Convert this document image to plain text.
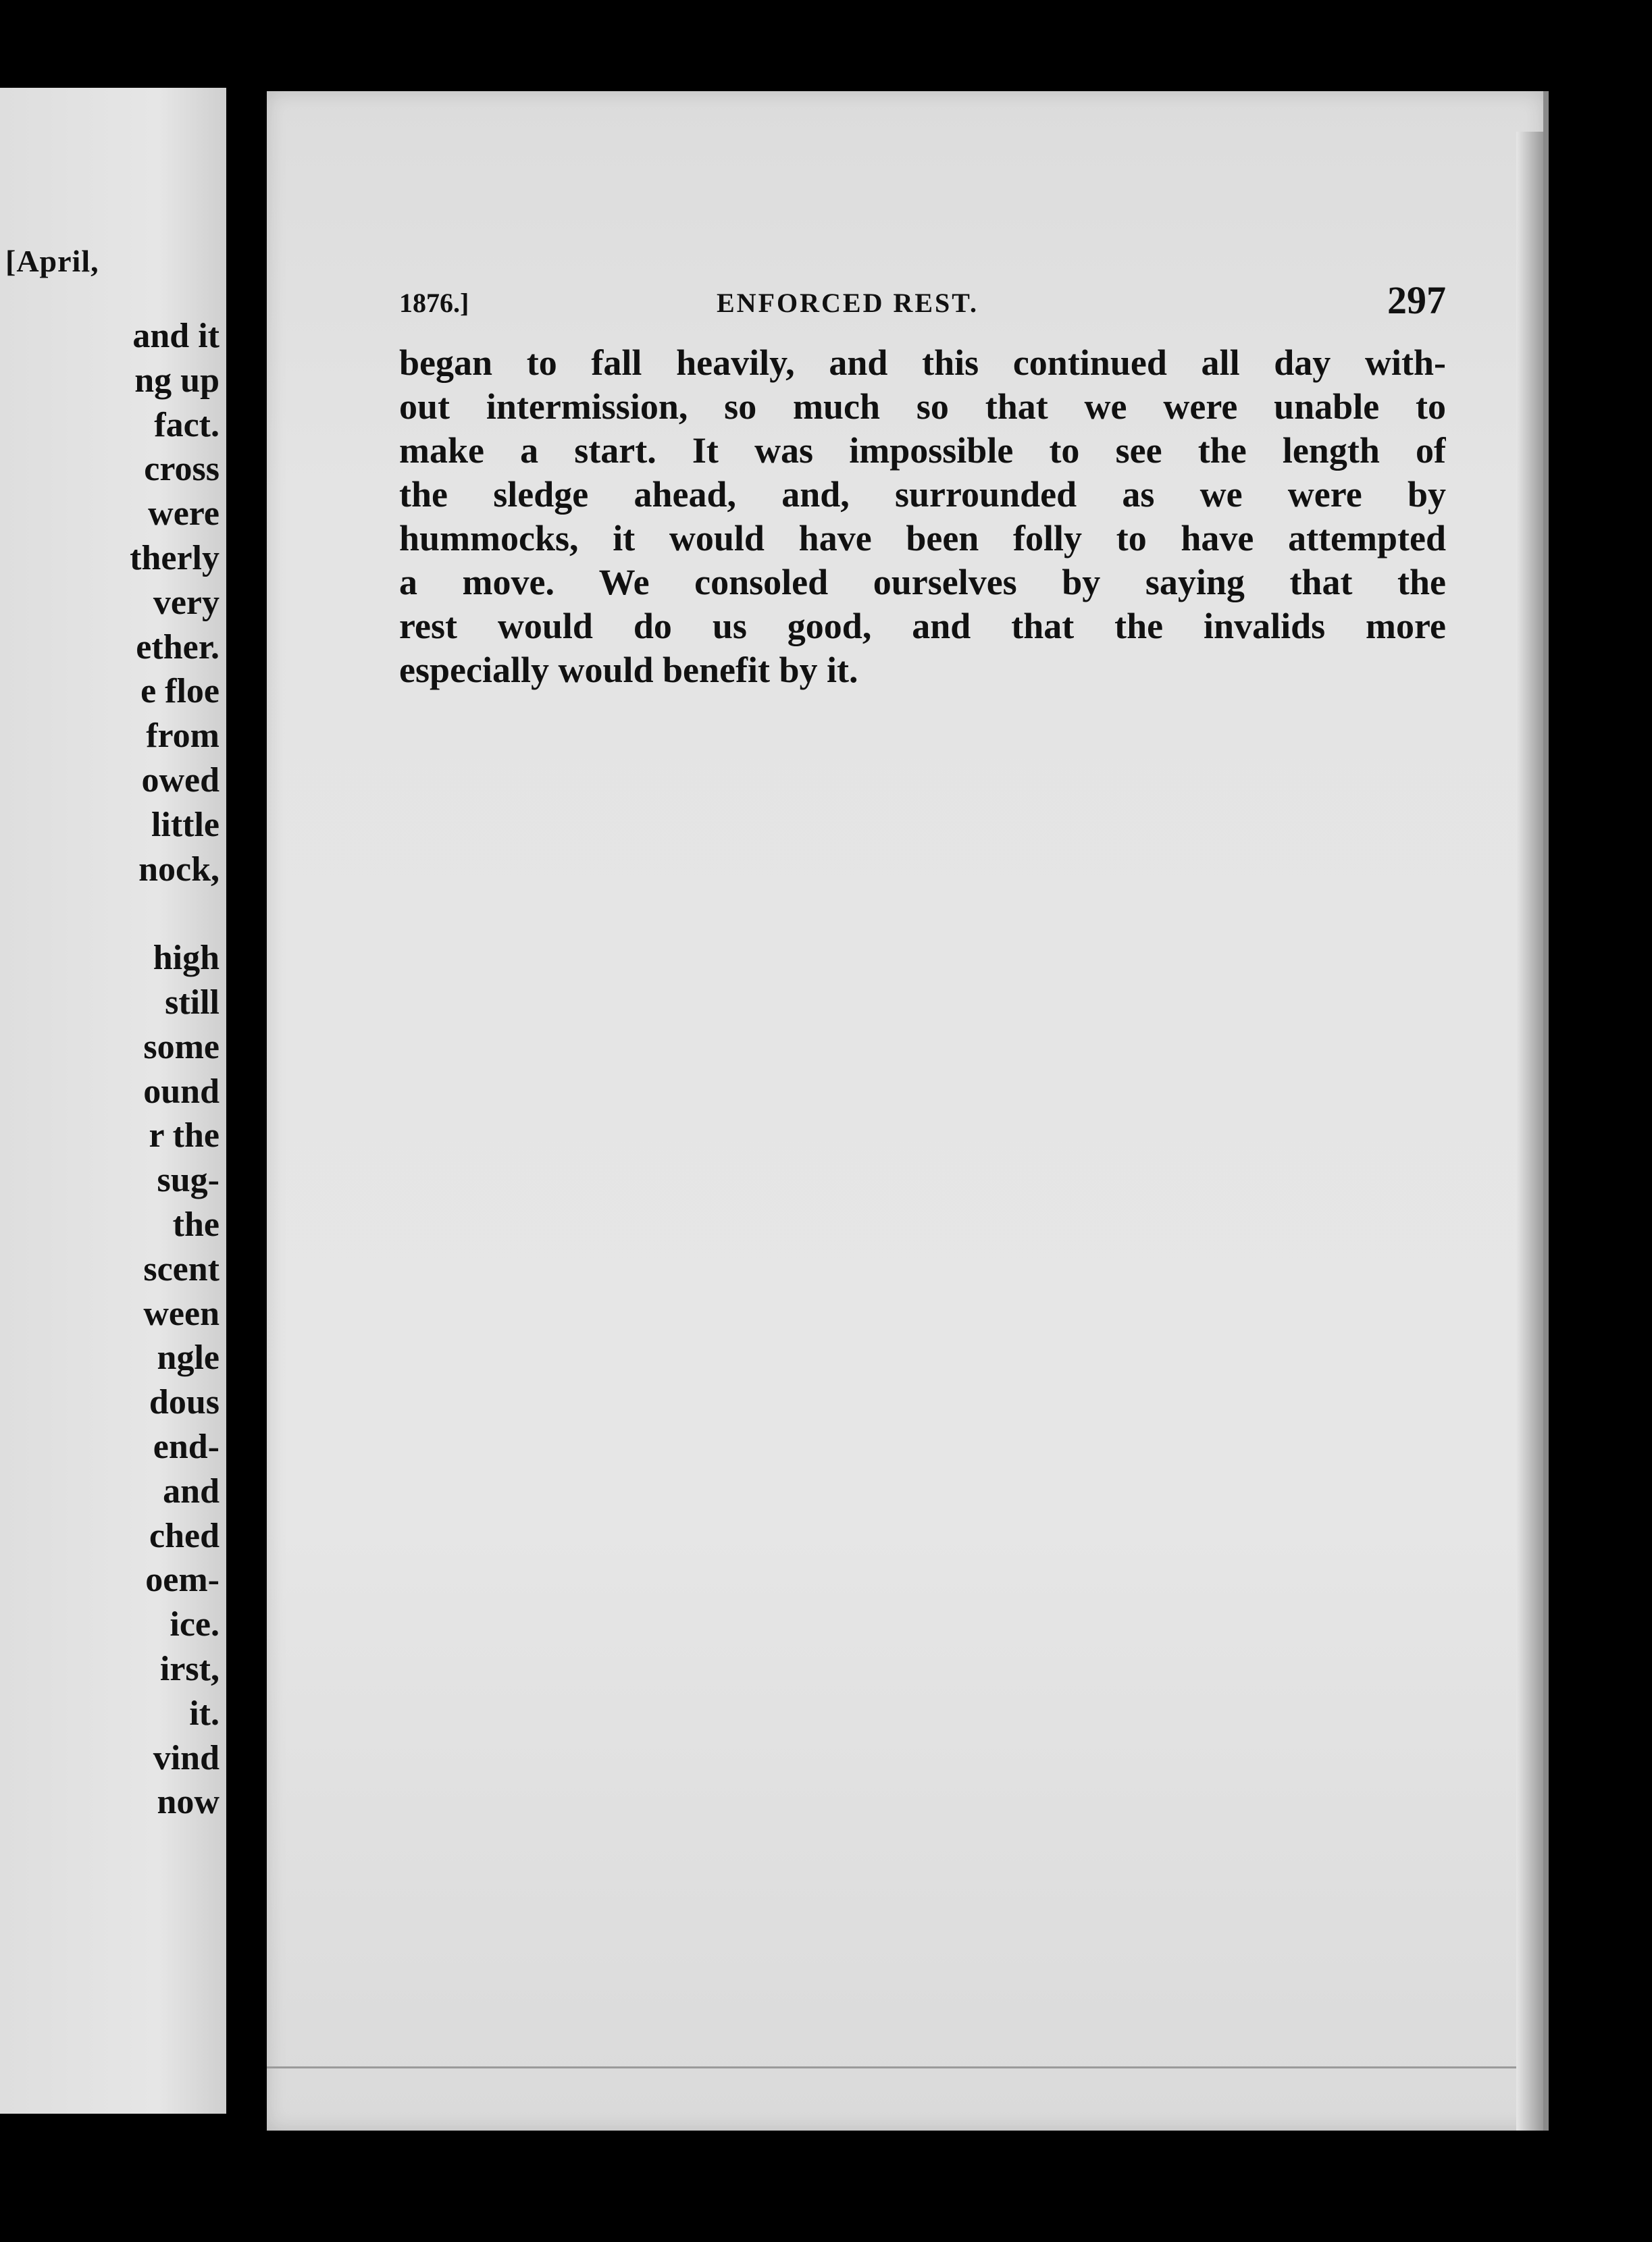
[April,
and it
ng up
fact.
cross
were
therly
very
ether.
e floe
from
owed
little
nock,
high
still
some
ound
r the
sug-
the
scent
ween
ngle
dous
end-
and
ched
oem-
ice.
irst,
it.
vind
now
1876.]	ENFORCED REST.	297
began to fall heavily, and this continued all day with-
out intermission, so much so that we were unable to
make a start. It was impossible to see the length of
the sledge ahead, and, surrounded as we were by
hummocks, it would have been folly to have attempted
a move. We consoled ourselves by saying that the
rest would do us good, and that the invalids more
especially would benefit by it.
